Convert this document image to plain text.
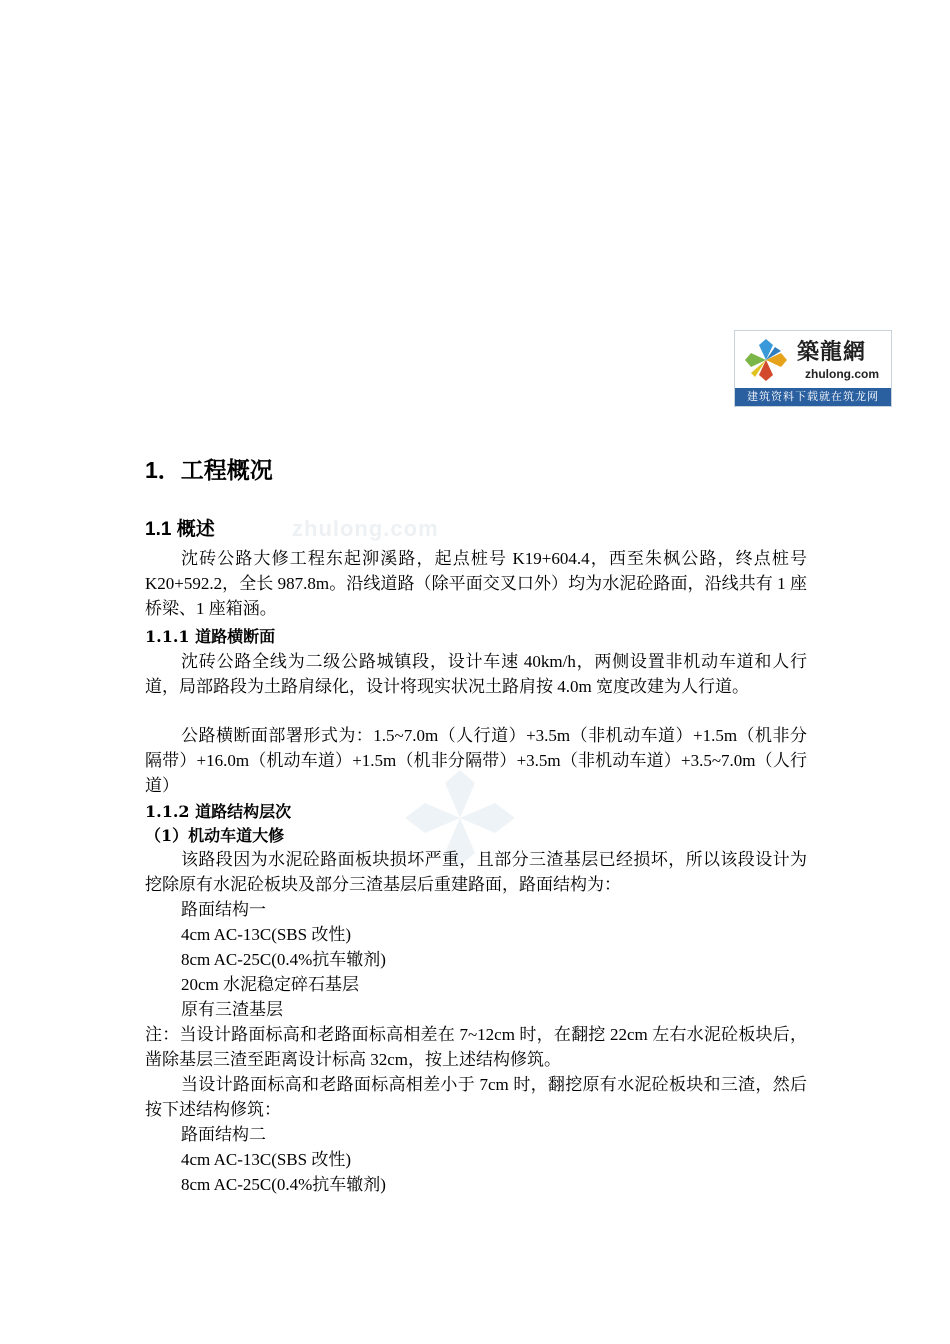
築龍網
zhulong.com
建筑资料下载就在筑龙网
zhulong.com
1．工程概况
1.1 概述
沈砖公路大修工程东起泖溪路，起点桩号 K19+604.4，西至朱枫公路，终点桩号 K20+592.2，全长 987.8m。沿线道路（除平面交叉口外）均为水泥砼路面，沿线共有 1 座桥梁、1 座箱涵。
1.1.1 道路横断面
沈砖公路全线为二级公路城镇段，设计车速 40km/h，两侧设置非机动车道和人行道，局部路段为土路肩绿化，设计将现实状况土路肩按 4.0m 宽度改建为人行道。
公路横断面部署形式为：1.5~7.0m（人行道）+3.5m（非机动车道）+1.5m（机非分隔带）+16.0m（机动车道）+1.5m（机非分隔带）+3.5m（非机动车道）+3.5~7.0m（人行道）
1.1.2 道路结构层次
（1）机动车道大修
该路段因为水泥砼路面板块损坏严重，且部分三渣基层已经损坏，所以该段设计为挖除原有水泥砼板块及部分三渣基层后重建路面，路面结构为：
路面结构一
4cm AC-13C(SBS 改性)
8cm AC-25C(0.4%抗车辙剂)
20cm 水泥稳定碎石基层
原有三渣基层
注：当设计路面标高和老路面标高相差在 7~12cm 时，在翻挖 22cm 左右水泥砼板块后，凿除基层三渣至距离设计标高 32cm，按上述结构修筑。
当设计路面标高和老路面标高相差小于 7cm 时，翻挖原有水泥砼板块和三渣，然后按下述结构修筑：
路面结构二
4cm AC-13C(SBS 改性)
8cm AC-25C(0.4%抗车辙剂)
